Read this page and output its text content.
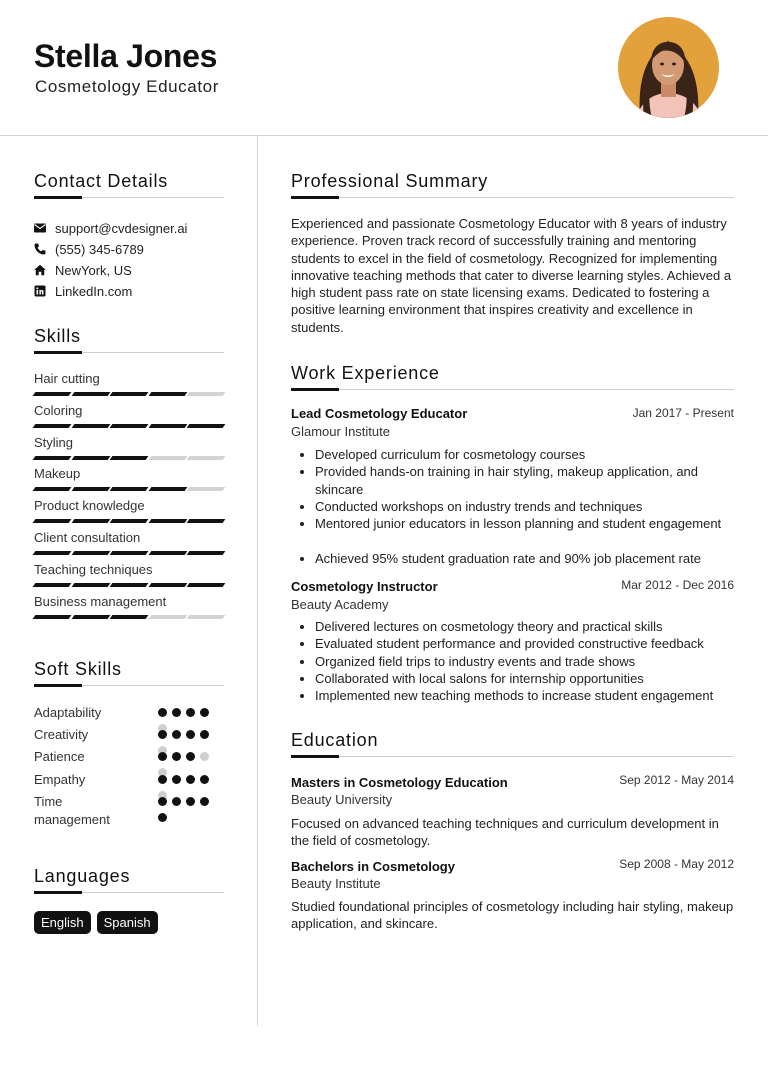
Stella Jones
Cosmetology Educator
Contact Details
support@cvdesigner.ai
(555) 345-6789
NewYork, US
LinkedIn.com
Skills
Hair cutting
Coloring
Styling
Makeup
Product knowledge
Client consultation
Teaching techniques
Business management
Soft Skills
Adaptability
Creativity
Patience
Empathy
Time management
Languages
English	Spanish
Professional Summary
Experienced and passionate Cosmetology Educator with 8 years of industry experience. Proven track record of successfully training and mentoring students to excel in the field of cosmetology. Recognized for implementing innovative teaching methods that cater to diverse learning styles. Achieved a high student pass rate on state licensing exams. Dedicated to fostering a positive learning environment that inspires creativity and excellence in students.
Work Experience
Lead Cosmetology Educator	Jan 2017 - Present
Glamour Institute
Developed curriculum for cosmetology courses
Provided hands-on training in hair styling, makeup application, and skincare
Conducted workshops on industry trends and techniques
Mentored junior educators in lesson planning and student engagement
Achieved 95% student graduation rate and 90% job placement rate
Cosmetology Instructor	Mar 2012 - Dec 2016
Beauty Academy
Delivered lectures on cosmetology theory and practical skills
Evaluated student performance and provided constructive feedback
Organized field trips to industry events and trade shows
Collaborated with local salons for internship opportunities
Implemented new teaching methods to increase student engagement
Education
Masters in Cosmetology Education	Sep 2012 - May 2014
Beauty University
Focused on advanced teaching techniques and curriculum development in the field of cosmetology.
Bachelors in Cosmetology	Sep 2008 - May 2012
Beauty Institute
Studied foundational principles of cosmetology including hair styling, makeup application, and skincare.
